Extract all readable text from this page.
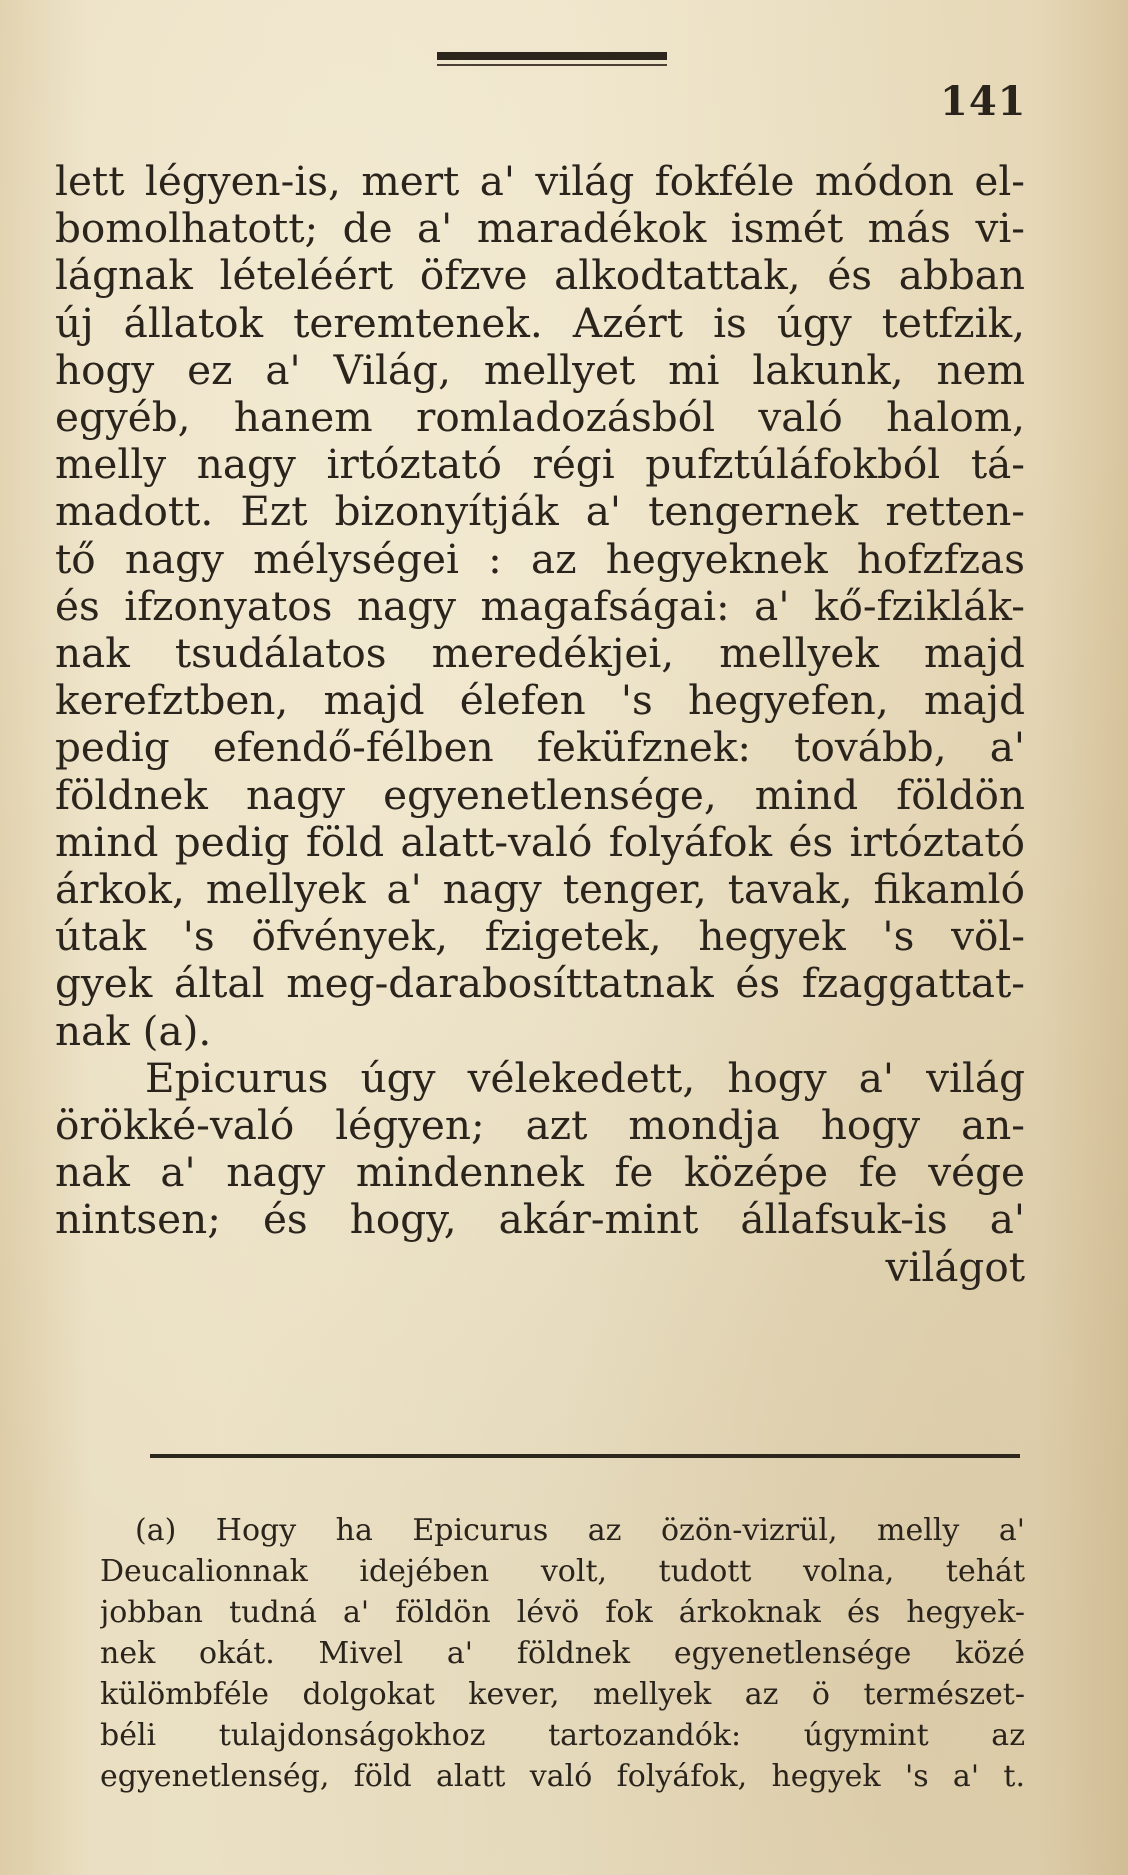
141
lett légyen-is, mert a' világ fokféle módon el-
bomolhatott; de a' maradékok ismét más vi-
lágnak lételéért öfzve alkodtattak, és abban
új állatok teremtenek. Azért is úgy tetfzik,
hogy ez a' Világ, mellyet mi lakunk, nem
egyéb, hanem romladozásból való halom,
melly nagy irtóztató régi pufztúláfokból tá-
madott. Ezt bizonyítják a' tengernek retten-
tő nagy mélységei : az hegyeknek hofzfzas
és ifzonyatos nagy magafságai: a' kő-fziklák-
nak tsudálatos meredékjei, mellyek majd
kerefztben, majd élefen 's hegyefen, majd
pedig efendő-félben feküfznek: tovább, a'
földnek nagy egyenetlensége, mind földön
mind pedig föld alatt-való folyáfok és irtóztató
árkok, mellyek a' nagy tenger, tavak, fikamló
útak 's öfvények, fzigetek, hegyek 's völ-
gyek által meg-darabosíttatnak és fzaggattat-
nak (a).
Epicurus úgy vélekedett, hogy a' világ
örökké-való légyen; azt mondja hogy an-
nak a' nagy mindennek fe középe fe vége
nintsen; és hogy, akár-mint állafsuk-is a'
világot
(a) Hogy ha Epicurus az özön-vizrül, melly a'
Deucalionnak idejében volt, tudott volna, tehát
jobban tudná a' földön lévö fok árkoknak és hegyek-
nek okát. Mivel a' földnek egyenetlensége közé
külömbféle dolgokat kever, mellyek az ö természet-
béli tulajdonságokhoz tartozandók: úgymint az
egyenetlenség, föld alatt való folyáfok, hegyek 's a' t.
